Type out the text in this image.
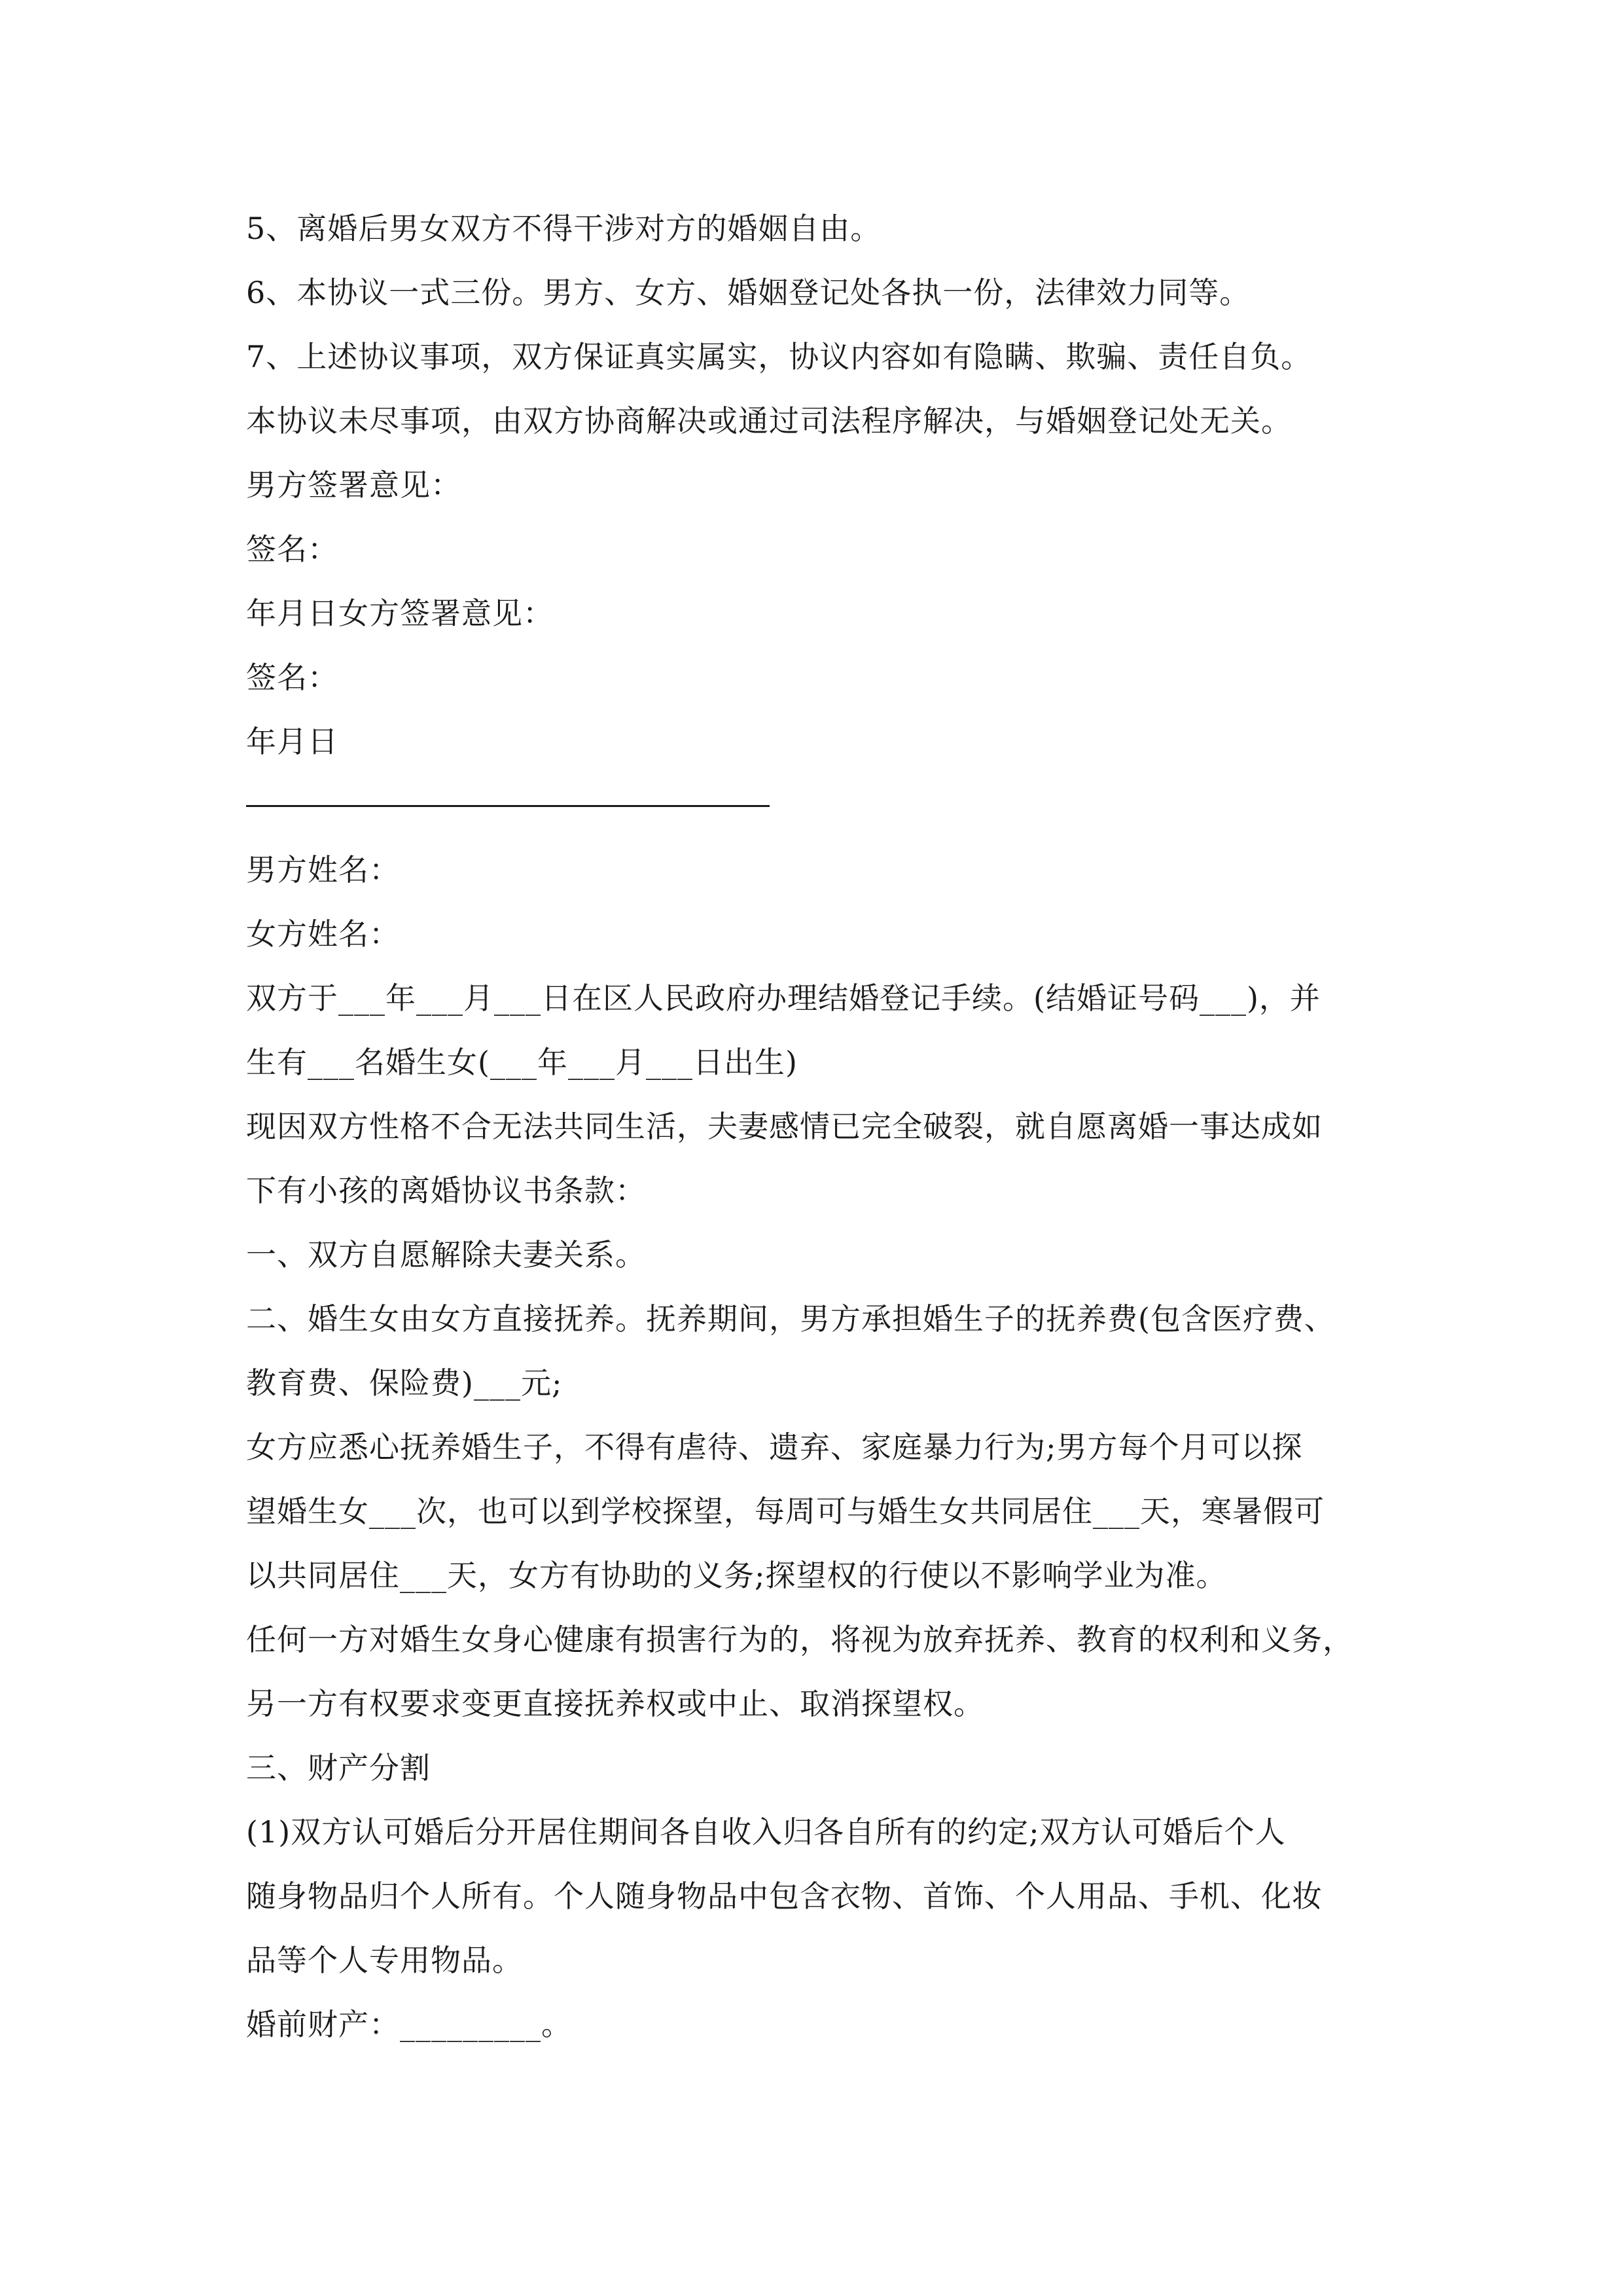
5、离婚后男女双方不得干涉对方的婚姻自由。
6、本协议一式三份。男方、女方、婚姻登记处各执一份，法律效力同等。
7、上述协议事项，双方保证真实属实，协议内容如有隐瞒、欺骗、责任自负。
本协议未尽事项，由双方协商解决或通过司法程序解决，与婚姻登记处无关。
男方签署意见：
签名：
年月日女方签署意见：
签名：
年月日
男方姓名：
女方姓名：
双方于___年___月___日在区人民政府办理结婚登记手续。(结婚证号码___)，并
生有___名婚生女(___年___月___日出生)
现因双方性格不合无法共同生活，夫妻感情已完全破裂，就自愿离婚一事达成如
下有小孩的离婚协议书条款：
一、双方自愿解除夫妻关系。
二、婚生女由女方直接抚养。抚养期间，男方承担婚生子的抚养费(包含医疗费、
教育费、保险费)___元;
女方应悉心抚养婚生子，不得有虐待、遗弃、家庭暴力行为;男方每个月可以探
望婚生女___次，也可以到学校探望，每周可与婚生女共同居住___天，寒暑假可
以共同居住___天，女方有协助的义务;探望权的行使以不影响学业为准。
任何一方对婚生女身心健康有损害行为的，将视为放弃抚养、教育的权利和义务，
另一方有权要求变更直接抚养权或中止、取消探望权。
三、财产分割
(1)双方认可婚后分开居住期间各自收入归各自所有的约定;双方认可婚后个人
随身物品归个人所有。个人随身物品中包含衣物、首饰、个人用品、手机、化妆
品等个人专用物品。
婚前财产：_________。
